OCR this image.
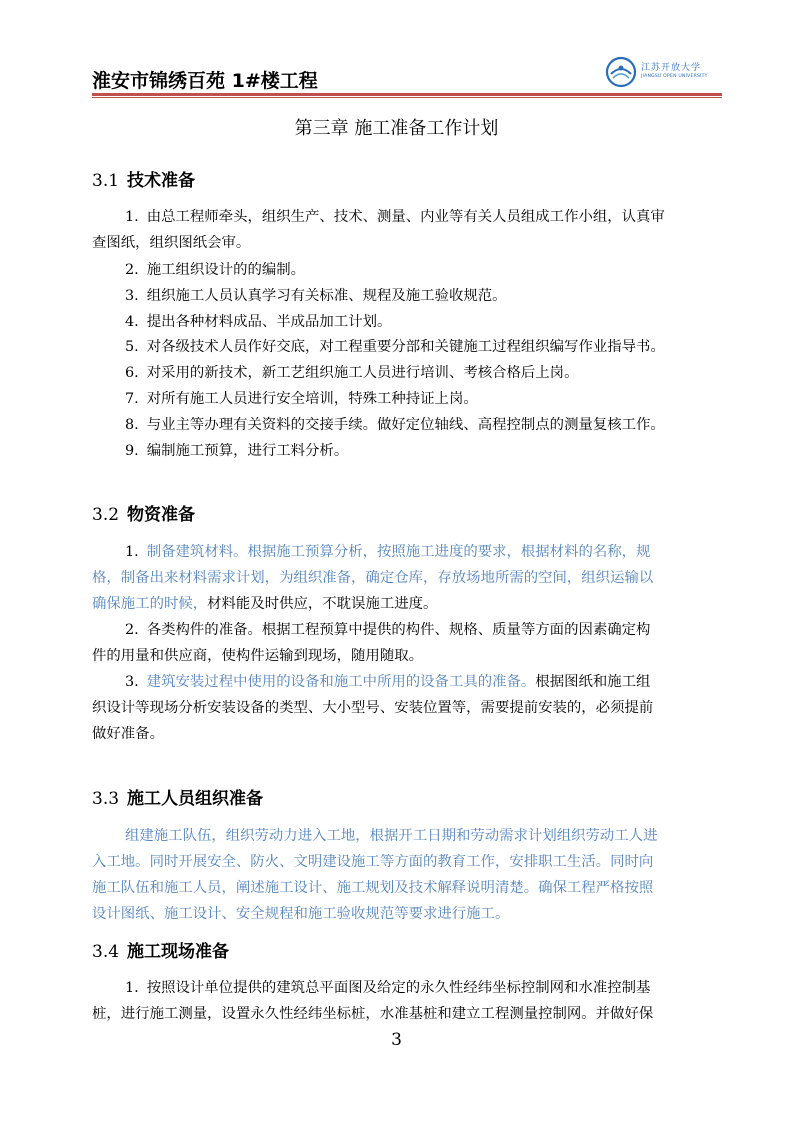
淮安市锦绣百苑 1#楼工程
江苏开放大学
JIANGSU OPEN UNIVERSITY
第三章 施工准备工作计划
3.1 技术准备
1. 由总工程师牵头，组织生产、技术、测量、内业等有关人员组成工作小组，认真审
查图纸，组织图纸会审。
2. 施工组织设计的的编制。
3. 组织施工人员认真学习有关标准、规程及施工验收规范。
4. 提出各种材料成品、半成品加工计划。
5. 对各级技术人员作好交底，对工程重要分部和关键施工过程组织编写作业指导书。
6. 对采用的新技术，新工艺组织施工人员进行培训、考核合格后上岗。
7. 对所有施工人员进行安全培训，特殊工种持证上岗。
8. 与业主等办理有关资料的交接手续。做好定位轴线、高程控制点的测量复核工作。
9. 编制施工预算，进行工料分析。
3.2 物资准备
1. 制备建筑材料。根据施工预算分析，按照施工进度的要求，根据材料的名称，规
格，制备出来材料需求计划，为组织准备，确定仓库，存放场地所需的空间，组织运输以
确保施工的时候，材料能及时供应，不耽误施工进度。
2. 各类构件的准备。根据工程预算中提供的构件、规格、质量等方面的因素确定构
件的用量和供应商，使构件运输到现场，随用随取。
3. 建筑安装过程中使用的设备和施工中所用的设备工具的准备。根据图纸和施工组
织设计等现场分析安装设备的类型、大小型号、安装位置等，需要提前安装的，必须提前
做好准备。
3.3 施工人员组织准备
组建施工队伍，组织劳动力进入工地，根据开工日期和劳动需求计划组织劳动工人进
入工地。同时开展安全、防火、文明建设施工等方面的教育工作，安排职工生活。同时向
施工队伍和施工人员，阐述施工设计、施工规划及技术解释说明清楚。确保工程严格按照
设计图纸、施工设计、安全规程和施工验收规范等要求进行施工。
3.4 施工现场准备
1. 按照设计单位提供的建筑总平面图及给定的永久性经纬坐标控制网和水准控制基
桩，进行施工测量，设置永久性经纬坐标桩，水准基桩和建立工程测量控制网。并做好保
3
